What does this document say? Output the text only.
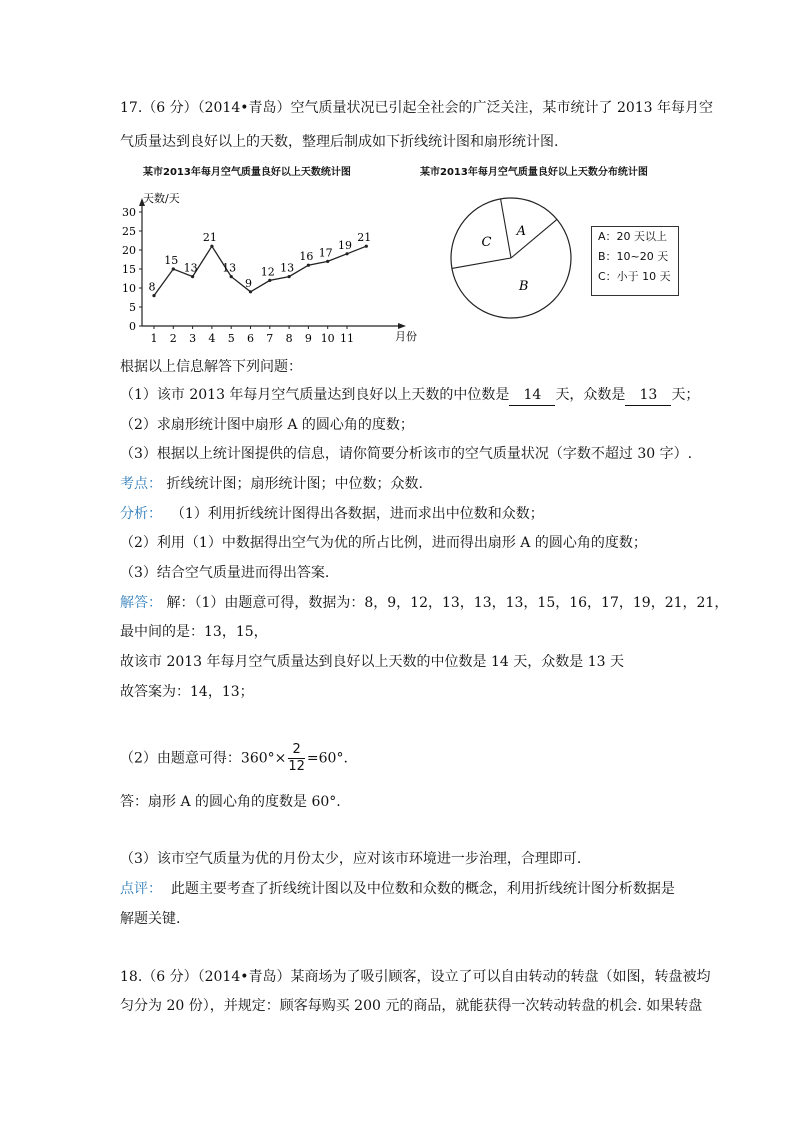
17.（6 分）（2014•青岛）空气质量状况已引起全社会的广泛关注，某市统计了 2013 年每月空
气质量达到良好以上的天数，整理后制成如下折线统计图和扇形统计图.
某市2013年每月空气质量良好以上天数统计图	某市2013年每月空气质量良好以上天数分布统计图
0
5
10
15
20
25
30
1 2 3 4 5 6 7 8 9 10 11
8
15
13
21
13
9
12 13
16 17
19
21
天数/天
月份
B
C
A	A：20 天以上
B：10~20 天
C：小于 10 天
根据以上信息解答下列问题：
（1）该市 2013 年每月空气质量达到良好以上天数的中位数是 14 天，众数是 13 天；
（2）求扇形统计图中扇形 A 的圆心角的度数；
（3）根据以上统计图提供的信息，请你简要分析该市的空气质量状况（字数不超过 30 字）.
考点： 折线统计图；扇形统计图；中位数；众数.
分析： （1）利用折线统计图得出各数据，进而求出中位数和众数；
（2）利用（1）中数据得出空气为优的所占比例，进而得出扇形 A 的圆心角的度数；
（3）结合空气质量进而得出答案.
解答： 解：（1）由题意可得，数据为：8，9，12，13，13，13，15，16，17，19，21，21，
最中间的是：13，15，
故该市 2013 年每月空气质量达到良好以上天数的中位数是 14 天，众数是 13 天
故答案为：14，13；
（2）由题意可得：$360^\circ\times \frac{2}{12} =60^\circ$.
答：扇形 A 的圆心角的度数是 60°.
（3）该市空气质量为优的月份太少，应对该市环境进一步治理，合理即可.
点评： 此题主要考查了折线统计图以及中位数和众数的概念，利用折线统计图分析数据是
解题关键.
18.（6 分）（2014•青岛）某商场为了吸引顾客，设立了可以自由转动的转盘（如图，转盘被均
匀分为 20 份），并规定：顾客每购买 200 元的商品，就能获得一次转动转盘的机会. 如果转盘
